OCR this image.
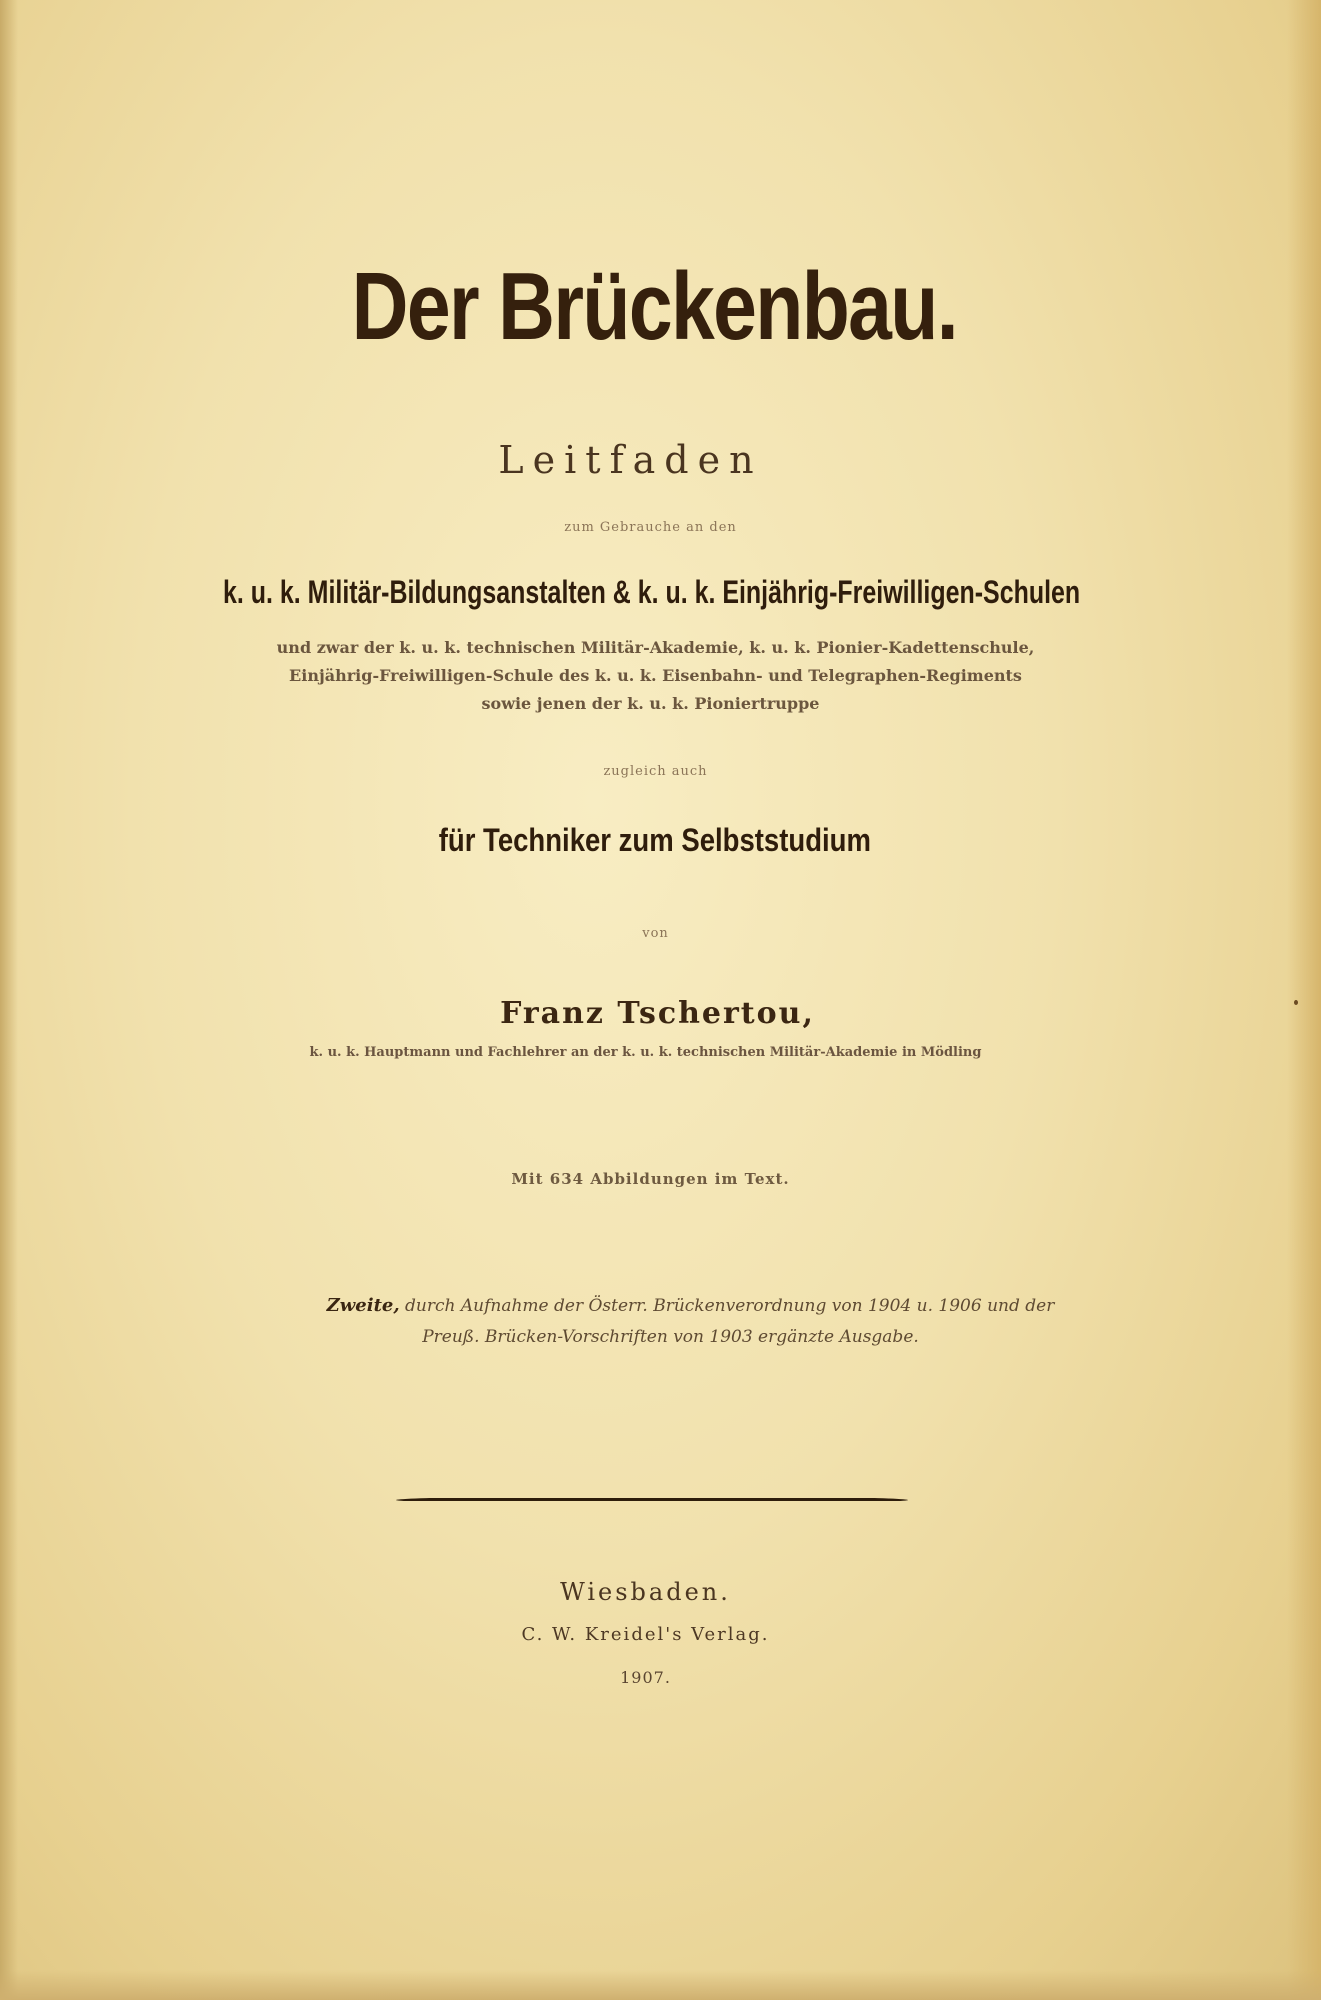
Der Brückenbau.

Leitfaden

zum Gebrauche an den

k. u. k. Militär-Bildungsanstalten & k. u. k. Einjährig-Freiwilligen-Schulen

und zwar der k. u. k. technischen Militär-Akademie, k. u. k. Pionier-Kadettenschule,

Einjährig-Freiwilligen-Schule des k. u. k. Eisenbahn- und Telegraphen-Regiments

sowie jenen der k. u. k. Pioniertruppe

zugleich auch

für Techniker zum Selbststudium

von

Franz Tschertou,

k. u. k. Hauptmann und Fachlehrer an der k. u. k. technischen Militär-Akademie in Mödling

Mit 634 Abbildungen im Text.

Zweite, durch Aufnahme der Österr. Brückenverordnung von 1904 u. 1906 und der
Preuß. Brücken-Vorschriften von 1903 ergänzte Ausgabe.

Wiesbaden.

C. W. Kreidel's Verlag.

1907.
